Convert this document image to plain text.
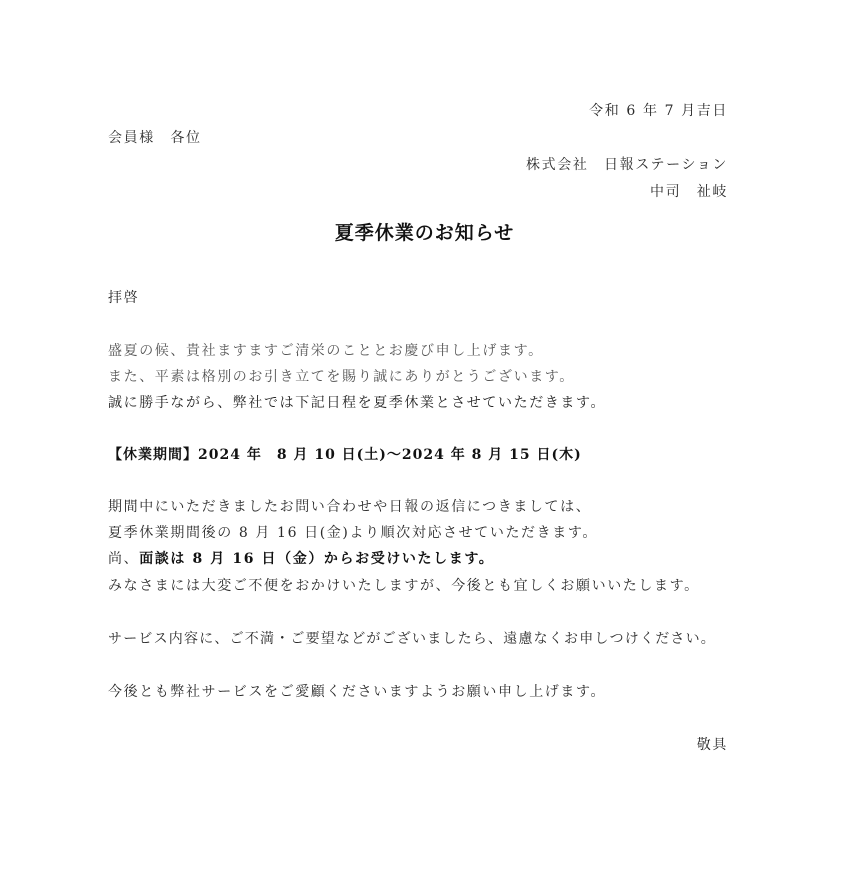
令和 6 年 7 月吉日
会員様　各位
株式会社　日報ステーション
中司　祉岐
夏季休業のお知らせ
拝啓
盛夏の候、貴社ますますご清栄のこととお慶び申し上げます。
また、平素は格別のお引き立てを賜り誠にありがとうございます。
誠に勝手ながら、弊社では下記日程を夏季休業とさせていただきます。
【休業期間】2024 年　8 月 10 日(土)～2024 年 8 月 15 日(木)
期間中にいただきましたお問い合わせや日報の返信につきましては、
夏季休業期間後の 8 月 16 日(金)より順次対応させていただきます。
尚、面談は 8 月 16 日（金）からお受けいたします。
みなさまには大変ご不便をおかけいたしますが、今後とも宜しくお願いいたします。
サービス内容に、ご不満・ご要望などがございましたら、遠慮なくお申しつけください。
今後とも弊社サービスをご愛顧くださいますようお願い申し上げます。
敬具
